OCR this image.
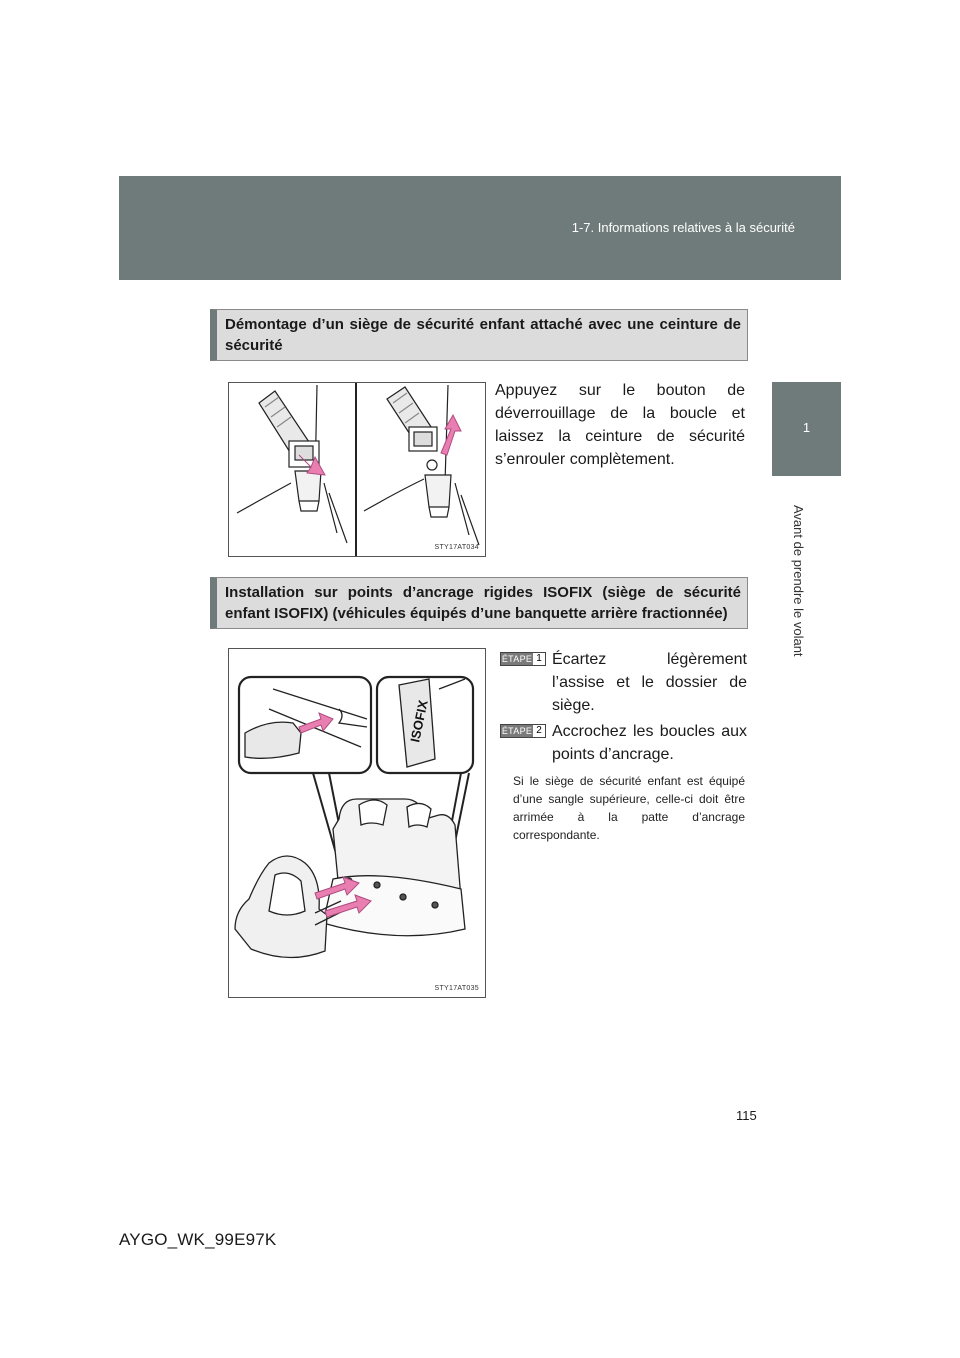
1-7. Informations relatives à la sécurité
1
Avant de prendre le volant
Démontage d’un siège de sécurité enfant attaché avec une ceinture de sécurité
STY17AT034
Appuyez sur le bouton de déverrouillage de la boucle et laissez la ceinture de sécurité s’enrouler complètement.
Installation sur points d’ancrage rigides ISOFIX (siège de sécurité enfant ISOFIX) (véhicules équipés d’une banquette arrière fractionnée)
ISOFIX
STY17AT035
ÉTAPE 1 Écartez légèrement l’assise et le dossier de siège.
ÉTAPE 2 Accrochez les boucles aux points d’ancrage.
Si le siège de sécurité enfant est équipé d’une sangle supérieure, celle-ci doit être arrimée à la patte d’ancrage correspondante.
115
AYGO_WK_99E97K
